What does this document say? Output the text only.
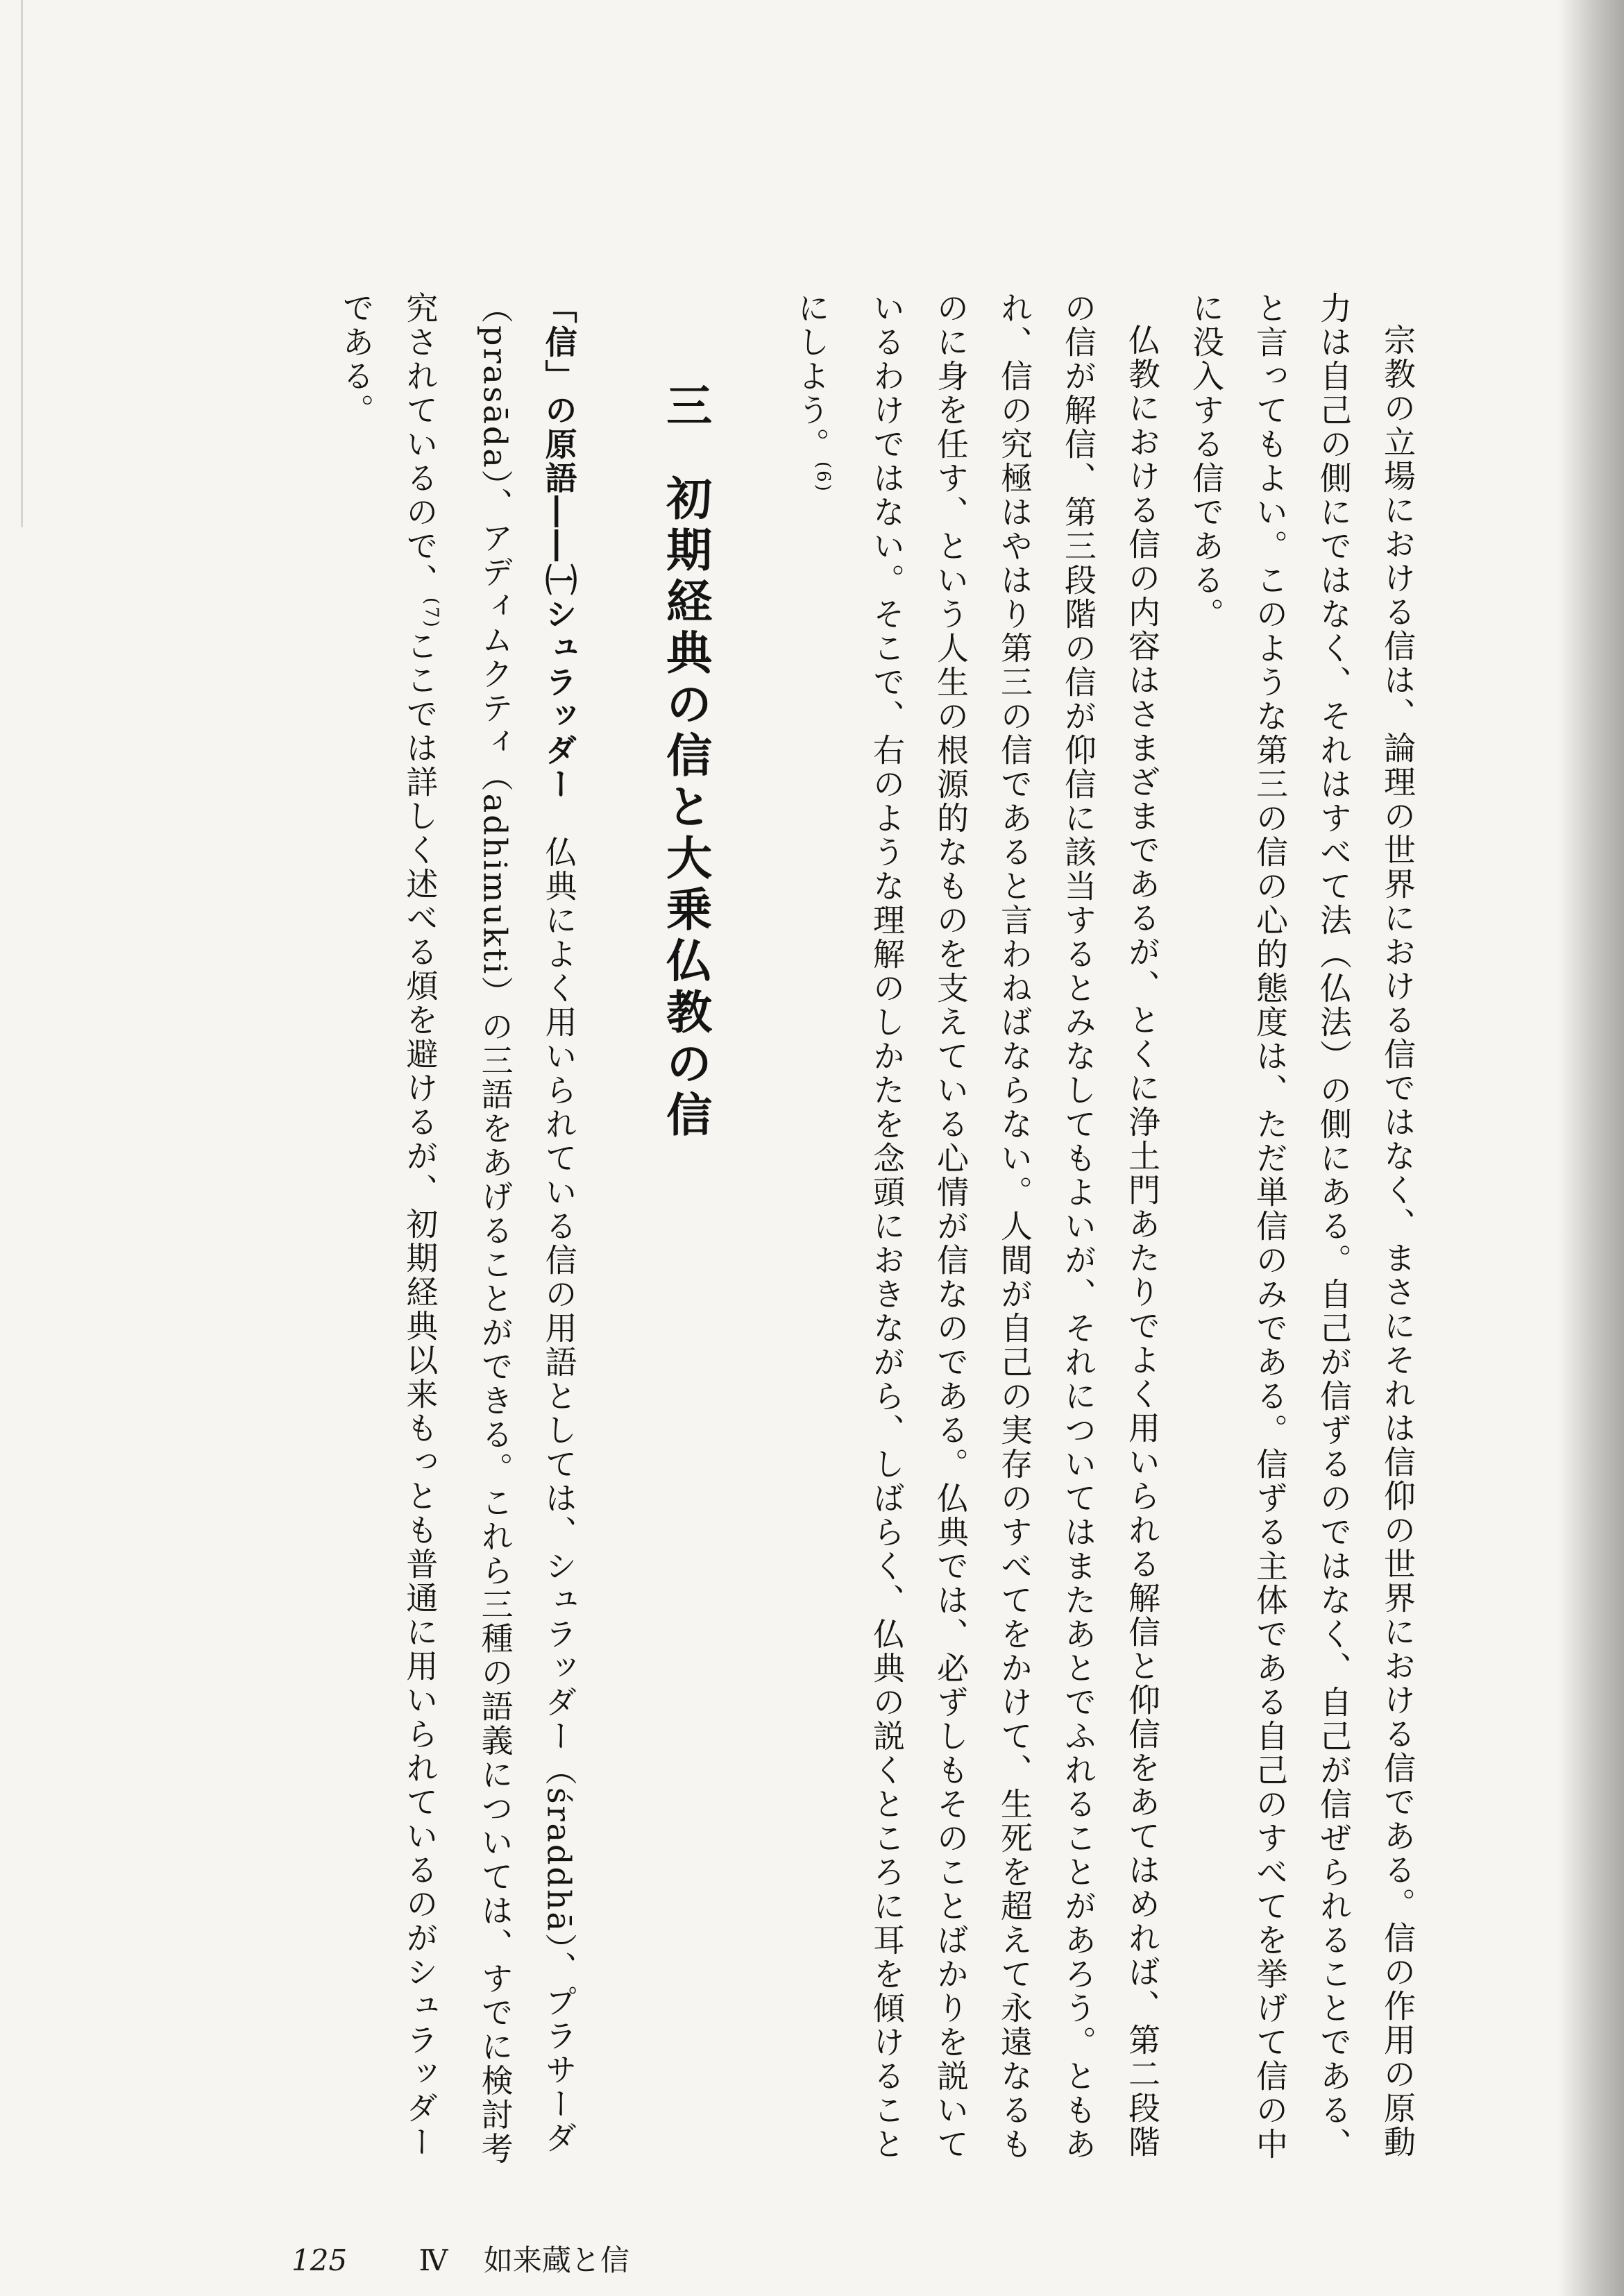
宗教の立場における信は、論理の世界における信ではなく、まさにそれは信仰の世界における信である。信の作用の原動力は自己の側にではなく、それはすべて法（仏法）の側にある。自己が信ずるのではなく、自己が信ぜられることである、と言ってもよい。このような第三の信の心的態度は、ただ単信のみである。信ずる主体である自己のすべてを挙げて信の中に没入する信である。

仏教における信の内容はさまざまであるが、とくに浄土門あたりでよく用いられる解信と仰信をあてはめれば、第二段階の信が解信、第三段階の信が仰信に該当するとみなしてもよいが、それについてはまたあとでふれることがあろう。ともあれ、信の究極はやはり第三の信であると言わねばならない。人間が自己の実存のすべてをかけて、生死を超えて永遠なるものに身を任す、という人生の根源的なものを支えている心情が信なのである。仏典では、必ずしもそのことばかりを説いているわけではない。そこで、右のような理解のしかたを念頭におきながら、しばらく、仏典の説くところに耳を傾けることにしよう。$^{(6)}$

三初期経典の信と大乗仏教の信

「信」の原語――㈠シュラッダー　仏典によく用いられている信の用語としては、シュラッダー（śraddhā）、プラサーダ（prasāda）、アディムクティ（adhimukti）の三語をあげることができる。これら三種の語義については、すでに検討考究されているので、$^{(7)}$ここでは詳しく述べる煩を避けるが、初期経典以来もっとも普通に用いられているのがシュラッダーである。

125 Ⅳ 如来蔵と信
